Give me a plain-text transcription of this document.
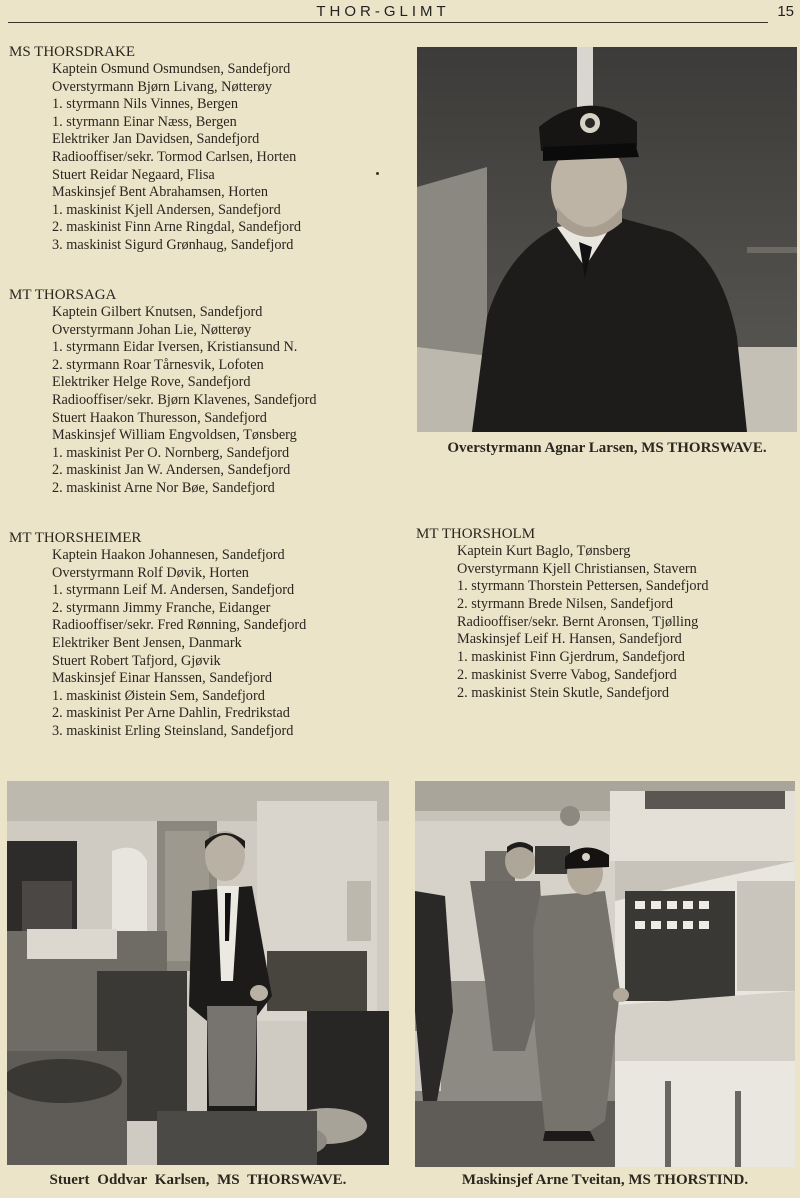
THOR-GLIMT	15
MS THORSDRAKE
Kaptein Osmund Osmundsen, Sandefjord
Overstyrmann Bjørn Livang, Nøtterøy
1. styrmann Nils Vinnes, Bergen
1. styrmann Einar Næss, Bergen
Elektriker Jan Davidsen, Sandefjord
Radiooffiser/sekr. Tormod Carlsen, Horten
Stuert Reidar Negaard, Flisa
Maskinsjef Bent Abrahamsen, Horten
1. maskinist Kjell Andersen, Sandefjord
2. maskinist Finn Arne Ringdal, Sandefjord
3. maskinist Sigurd Grønhaug, Sandefjord
MT THORSAGA
Kaptein Gilbert Knutsen, Sandefjord
Overstyrmann Johan Lie, Nøtterøy
1. styrmann Eidar Iversen, Kristiansund N.
2. styrmann Roar Tårnesvik, Lofoten
Elektriker Helge Rove, Sandefjord
Radiooffiser/sekr. Bjørn Klavenes, Sandefjord
Stuert Haakon Thuresson, Sandefjord
Maskinsjef William Engvoldsen, Tønsberg
1. maskinist Per O. Nornberg, Sandefjord
2. maskinist Jan W. Andersen, Sandefjord
2. maskinist Arne Nor Bøe, Sandefjord
MT THORSHEIMER
Kaptein Haakon Johannesen, Sandefjord
Overstyrmann Rolf Døvik, Horten
1. styrmann Leif M. Andersen, Sandefjord
2. styrmann Jimmy Franche, Eidanger
Radiooffiser/sekr. Fred Rønning, Sandefjord
Elektriker Bent Jensen, Danmark
Stuert Robert Tafjord, Gjøvik
Maskinsjef Einar Hanssen, Sandefjord
1. maskinist Øistein Sem, Sandefjord
2. maskinist Per Arne Dahlin, Fredrikstad
3. maskinist Erling Steinsland, Sandefjord
MT THORSHOLM
Kaptein Kurt Baglo, Tønsberg
Overstyrmann Kjell Christiansen, Stavern
1. styrmann Thorstein Pettersen, Sandefjord
2. styrmann Brede Nilsen, Sandefjord
Radiooffiser/sekr. Bernt Aronsen, Tjølling
Maskinsjef Leif H. Hansen, Sandefjord
1. maskinist Finn Gjerdrum, Sandefjord
2. maskinist Sverre Vabog, Sandefjord
2. maskinist Stein Skutle, Sandefjord
Overstyrmann Agnar Larsen, MS THORSWAVE.
Stuert Oddvar Karlsen, MS THORSWAVE.	Maskinsjef Arne Tveitan, MS THORSTIND.
